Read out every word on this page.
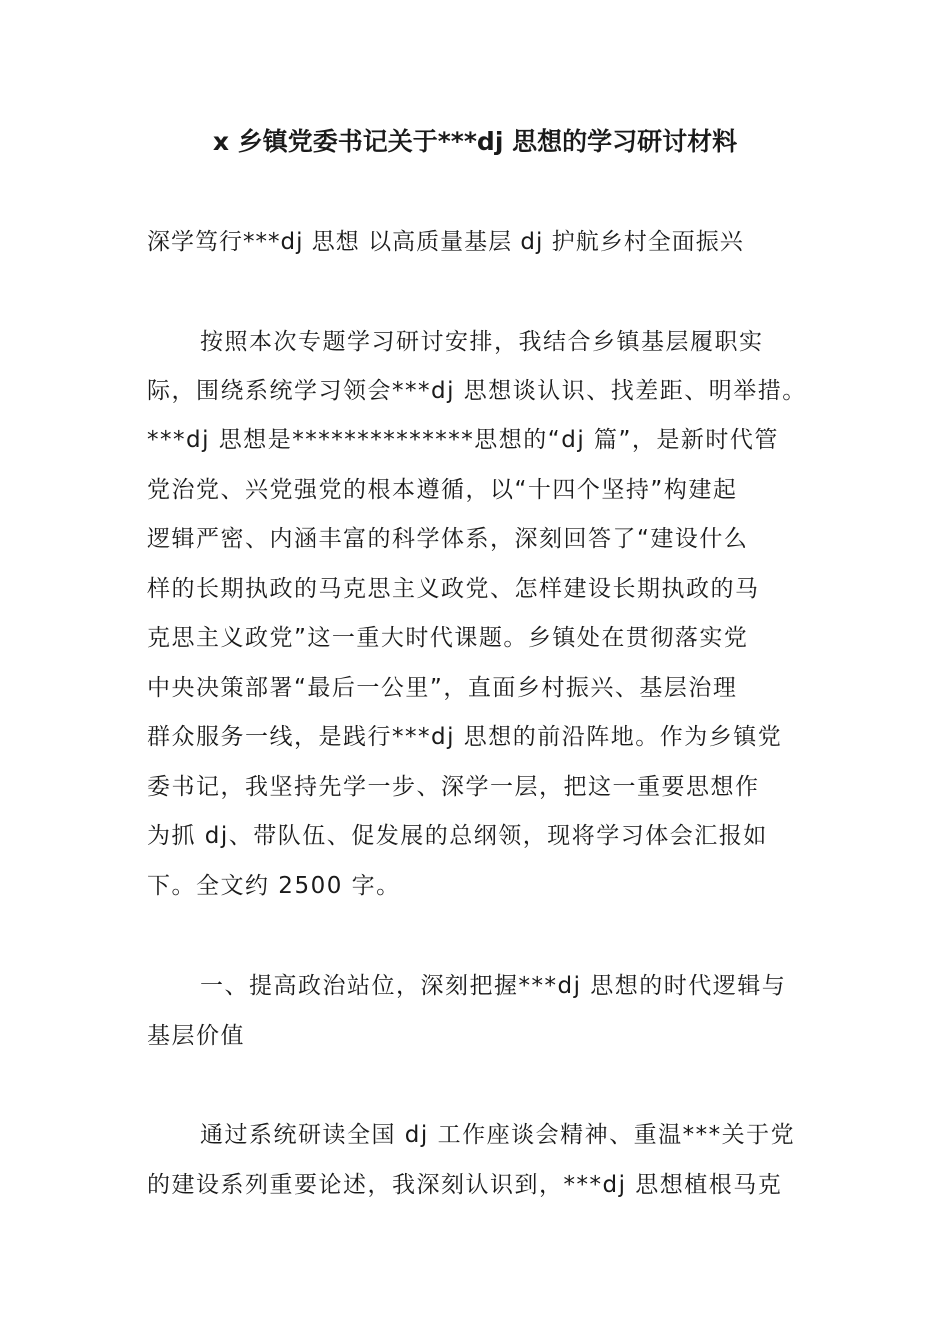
x 乡镇党委书记关于***dj 思想的学习研讨材料
深学笃行***dj 思想 以高质量基层 dj 护航乡村全面振兴
按照本次专题学习研讨安排，我结合乡镇基层履职实
际，围绕系统学习领会***dj 思想谈认识、找差距、明举措。
***dj 思想是**************思想的“dj 篇”，是新时代管
党治党、兴党强党的根本遵循，以“十四个坚持”构建起
逻辑严密、内涵丰富的科学体系，深刻回答了“建设什么
样的长期执政的马克思主义政党、怎样建设长期执政的马
克思主义政党”这一重大时代课题。乡镇处在贯彻落实党
中央决策部署“最后一公里”，直面乡村振兴、基层治理
群众服务一线，是践行***dj 思想的前沿阵地。作为乡镇党
委书记，我坚持先学一步、深学一层，把这一重要思想作
为抓 dj、带队伍、促发展的总纲领，现将学习体会汇报如
下。全文约 2500 字。
一、提高政治站位，深刻把握***dj 思想的时代逻辑与
基层价值
通过系统研读全国 dj 工作座谈会精神、重温***关于党
的建设系列重要论述，我深刻认识到，***dj 思想植根马克
